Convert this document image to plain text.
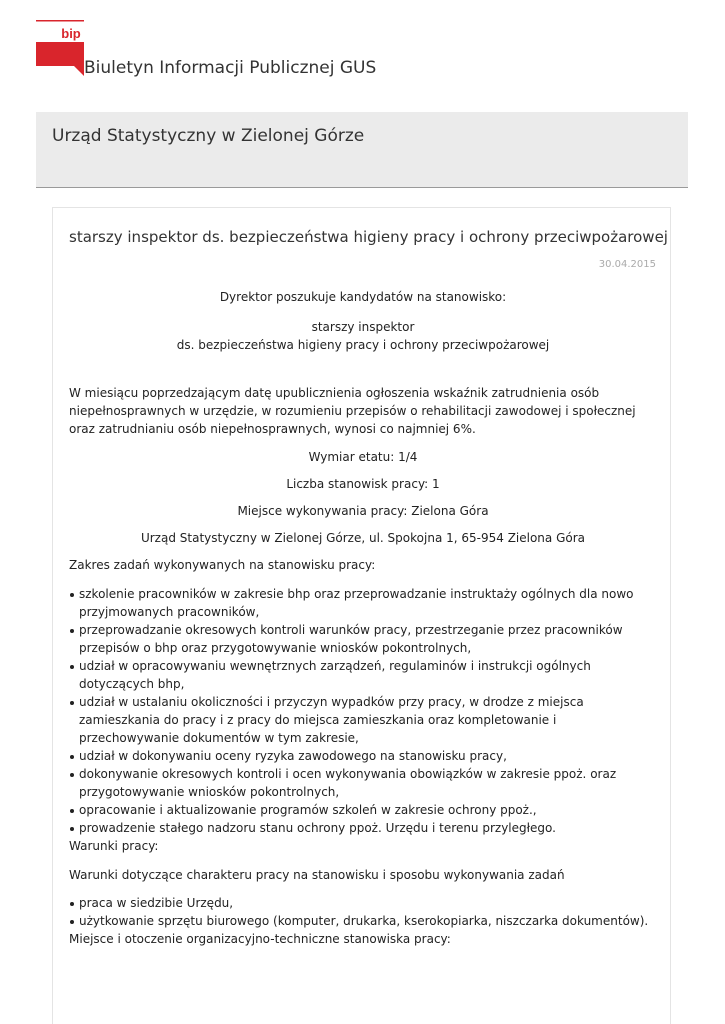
bip
Biuletyn Informacji Publicznej GUS
Urząd Statystyczny w Zielonej Górze
starszy inspektor ds. bezpieczeństwa higieny pracy i ochrony przeciwpożarowej
30.04.2015

Dyrektor poszukuje kandydatów na stanowisko:

starszy inspektor
ds. bezpieczeństwa higieny pracy i ochrony przeciwpożarowej

W miesiącu poprzedzającym datę upublicznienia ogłoszenia wskaźnik zatrudnienia osób niepełnosprawnych w urzędzie, w rozumieniu przepisów o rehabilitacji zawodowej i społecznej oraz zatrudnianiu osób niepełnosprawnych, wynosi co najmniej 6%.

Wymiar etatu: 1/4

Liczba stanowisk pracy: 1

Miejsce wykonywania pracy: Zielona Góra

Urząd Statystyczny w Zielonej Górze, ul. Spokojna 1, 65-954 Zielona Góra

Zakres zadań wykonywanych na stanowisku pracy:

szkolenie pracowników w zakresie bhp oraz przeprowadzanie instruktaży ogólnych dla nowo przyjmowanych pracowników,
przeprowadzanie okresowych kontroli warunków pracy, przestrzeganie przez pracowników przepisów o bhp oraz przygotowywanie wniosków pokontrolnych,
udział w opracowywaniu wewnętrznych zarządzeń, regulaminów i instrukcji ogólnych dotyczących bhp,
udział w ustalaniu okoliczności i przyczyn wypadków przy pracy, w drodze z miejsca zamieszkania do pracy i z pracy do miejsca zamieszkania oraz kompletowanie i przechowywanie dokumentów w tym zakresie,
udział w dokonywaniu oceny ryzyka zawodowego na stanowisku pracy,
dokonywanie okresowych kontroli i ocen wykonywania obowiązków w zakresie ppoż. oraz przygotowywanie wniosków pokontrolnych,
opracowanie i aktualizowanie programów szkoleń w zakresie ochrony ppoż.,
prowadzenie stałego nadzoru stanu ochrony ppoż. Urzędu i terenu przyległego.

Warunki pracy:

Warunki dotyczące charakteru pracy na stanowisku i sposobu wykonywania zadań

praca w siedzibie Urzędu,
użytkowanie sprzętu biurowego (komputer, drukarka, kserokopiarka, niszczarka dokumentów).

Miejsce i otoczenie organizacyjno-techniczne stanowiska pracy:
